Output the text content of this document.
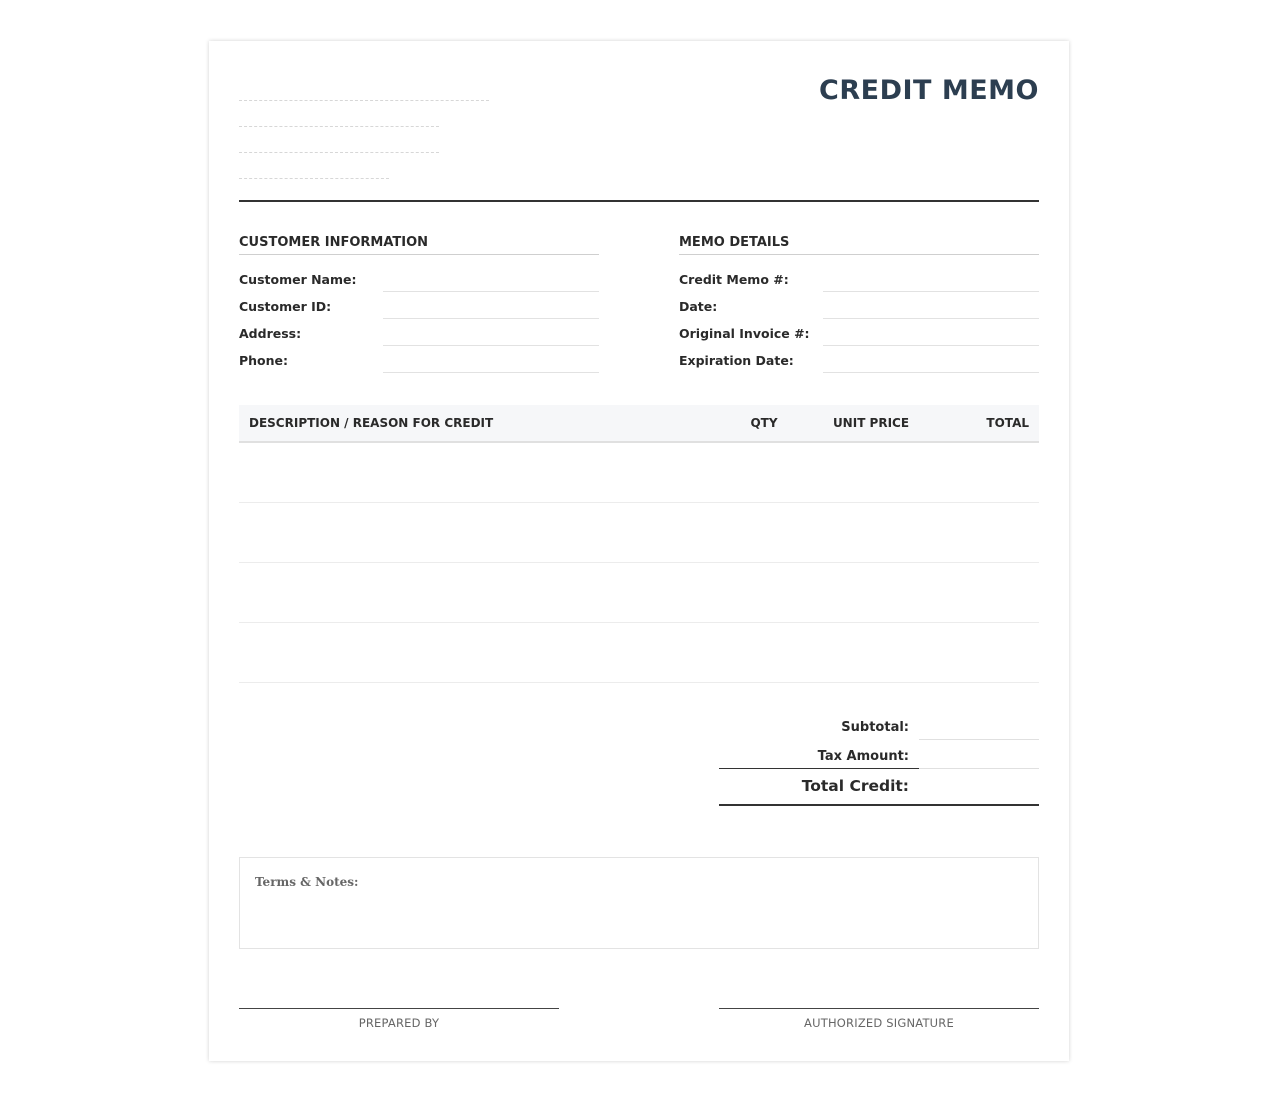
CREDIT MEMO
CUSTOMER INFORMATION
Customer Name:
Customer ID:
Address:
Phone:
MEMO DETAILS
Credit Memo #:
Date:
Original Invoice #:
Expiration Date:
DESCRIPTION / REASON FOR CREDIT	QTY	UNIT PRICE	TOTAL

Subtotal:
Tax Amount:
Total Credit:
Terms & Notes:
PREPARED BY	AUTHORIZED SIGNATURE
